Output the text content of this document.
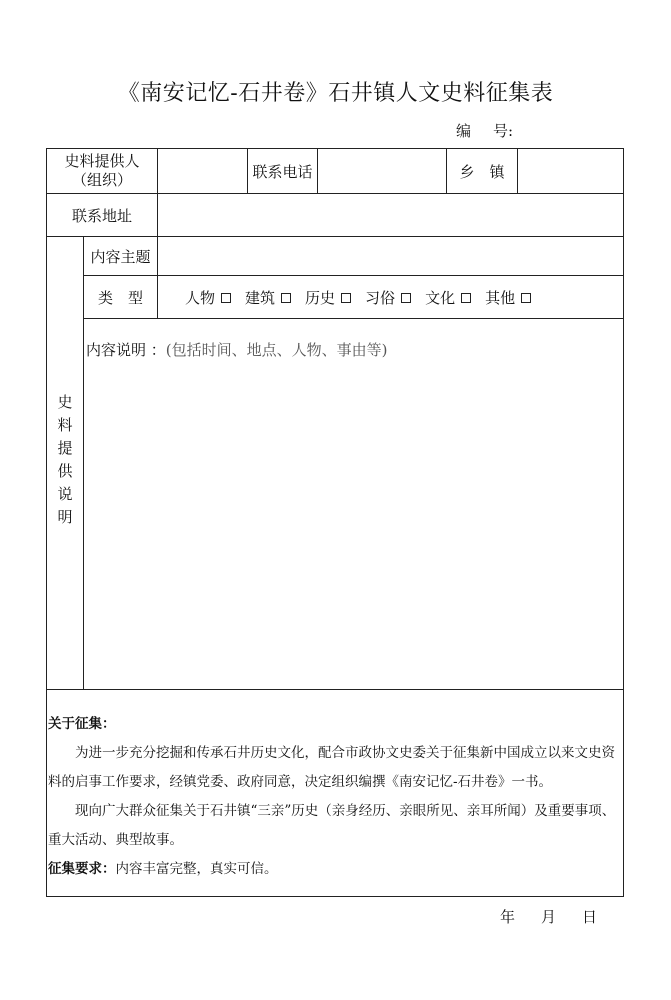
《南安记忆-石井卷》石井镇人文史料征集表
编号:
史料提供人
（组织）	联系电话	乡　镇
联系地址
史料提供说明
内容主题
类　型	人物 建筑 历史 习俗 文化 其他
内容说明 ：(包括时间、地点、人物、事由等)

关于征集：

为进一步充分挖掘和传承石井历史文化，配合市政协文史委关于征集新中国成立以来文史资料的启事工作要求，经镇党委、政府同意，决定组织编撰《南安记忆-石井卷》一书。

现向广大群众征集关于石井镇“三亲”历史（亲身经历、亲眼所见、亲耳所闻）及重要事项、重大活动、典型故事。

征集要求：内容丰富完整，真实可信。

年 月 日
